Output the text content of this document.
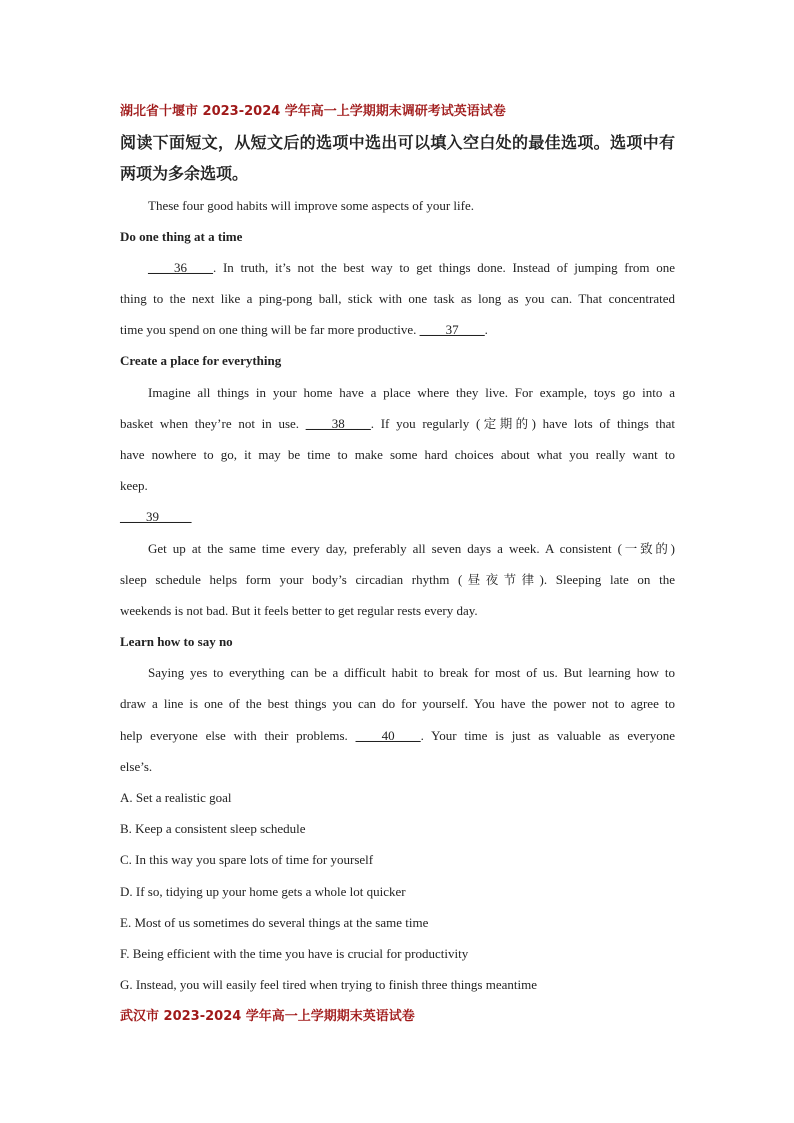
湖北省十堰市 2023-2024 学年高一上学期期末调研考试英语试卷
阅读下面短文，从短文后的选项中选出可以填入空白处的最佳选项。选项中有
两项为多余选项。
These four good habits will improve some aspects of your life.
Do one thing at a time
____36____. In truth, it’s not the best way to get things done. Instead of jumping from one
thing to the next like a ping-pong ball, stick with one task as long as you can. That concentrated
time you spend on one thing will be far more productive. ____37____.
Create a place for everything
Imagine all things in your home have a place where they live. For example, toys go into a
basket when they’re not in use. ____38____. If you regularly (定期的) have lots of things that
have nowhere to go, it may be time to make some hard choices about what you really want to
keep.
____39_____
Get up at the same time every day, preferably all seven days a week. A consistent (一致的)
sleep schedule helps form your body’s circadian rhythm (昼夜节律). Sleeping late on the
weekends is not bad. But it feels better to get regular rests every day.
Learn how to say no
Saying yes to everything can be a difficult habit to break for most of us. But learning how to
draw a line is one of the best things you can do for yourself. You have the power not to agree to
help everyone else with their problems. ____40____. Your time is just as valuable as everyone
else’s.
A. Set a realistic goal
B. Keep a consistent sleep schedule
C. In this way you spare lots of time for yourself
D. If so, tidying up your home gets a whole lot quicker
E. Most of us sometimes do several things at the same time
F. Being efficient with the time you have is crucial for productivity
G. Instead, you will easily feel tired when trying to finish three things meantime
武汉市 2023-2024 学年高一上学期期末英语试卷
